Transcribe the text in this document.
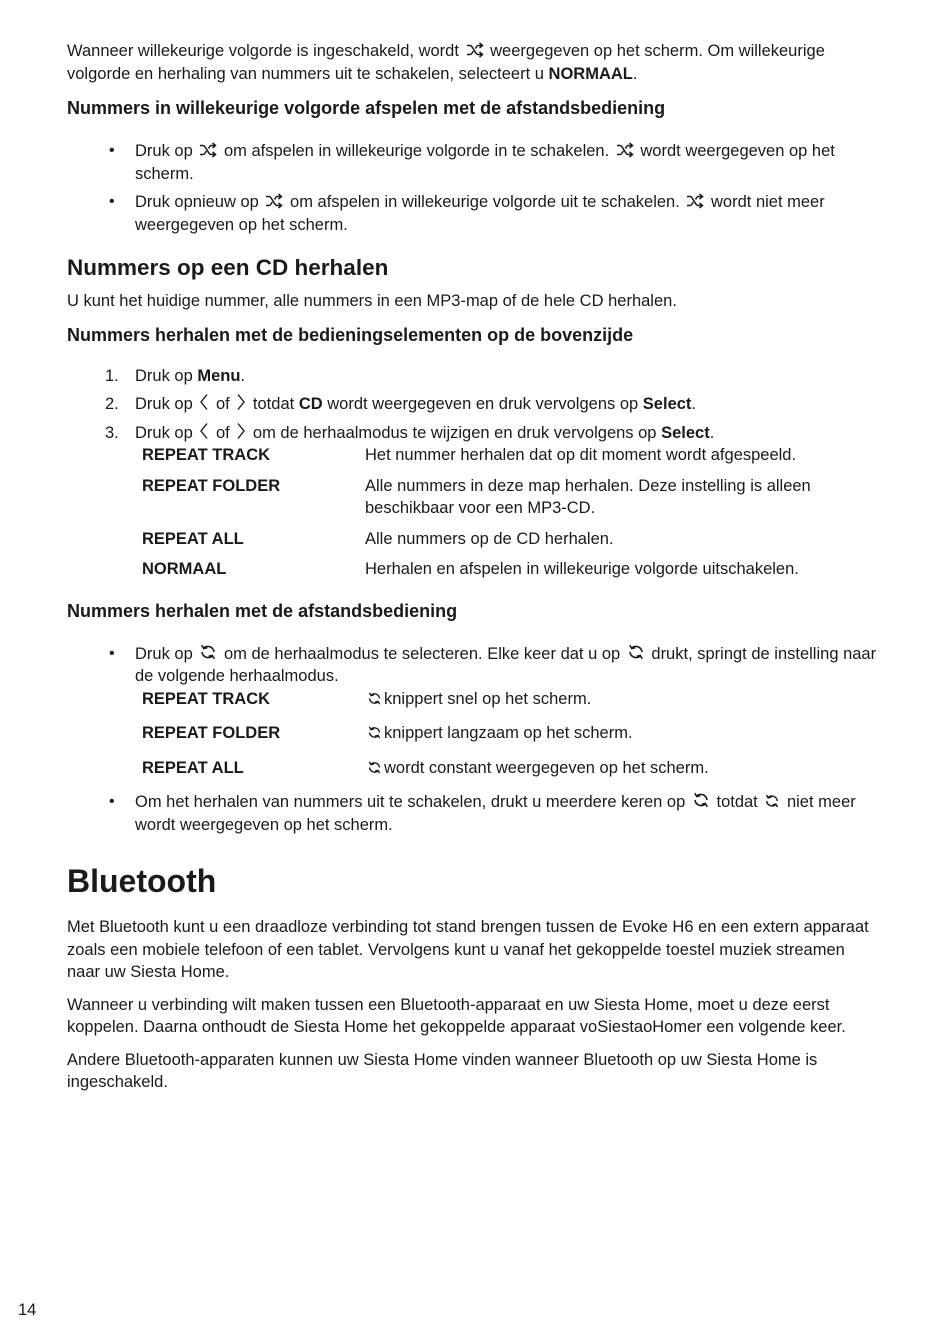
Wanneer willekeurige volgorde is ingeschakeld, wordt weergegeven op het scherm. Om willekeurige volgorde en herhaling van nummers uit te schakelen, selecteert u NORMAAL.

Nummers in willekeurige volgorde afspelen met de afstandsbediening
• Druk op om afspelen in willekeurige volgorde in te schakelen. wordt weergegeven op het scherm.
• Druk opnieuw op om afspelen in willekeurige volgorde uit te schakelen. wordt niet meer weergegeven op het scherm.
Nummers op een CD herhalen

U kunt het huidige nummer, alle nummers in een MP3-map of de hele CD herhalen.

Nummers herhalen met de bedieningselementen op de bovenzijde
1. Druk op Menu.
2. Druk op of totdat CD wordt weergegeven en druk vervolgens op Select.
3. Druk op of om de herhaalmodus te wijzigen en druk vervolgens op Select.
REPEAT TRACK	Het nummer herhalen dat op dit moment wordt afgespeeld.
REPEAT FOLDER	Alle nummers in deze map herhalen. Deze instelling is alleen beschikbaar voor een MP3-CD.
REPEAT ALL	Alle nummers op de CD herhalen.
NORMAAL	Herhalen en afspelen in willekeurige volgorde uitschakelen.
Nummers herhalen met de afstandsbediening
• Druk op om de herhaalmodus te selecteren. Elke keer dat u op drukt, springt de instelling naar de volgende herhaalmodus.
REPEAT TRACK	knippert snel op het scherm.
REPEAT FOLDER	knippert langzaam op het scherm.
REPEAT ALL	wordt constant weergegeven op het scherm.
• Om het herhalen van nummers uit te schakelen, drukt u meerdere keren op totdat niet meer wordt weergegeven op het scherm.
Bluetooth

Met Bluetooth kunt u een draadloze verbinding tot stand brengen tussen de Evoke H6 en een extern apparaat zoals een mobiele telefoon of een tablet. Vervolgens kunt u vanaf het gekoppelde toestel muziek streamen naar uw Siesta Home.

Wanneer u verbinding wilt maken tussen een Bluetooth-apparaat en uw Siesta Home, moet u deze eerst koppelen. Daarna onthoudt de Siesta Home het gekoppelde apparaat voSiestaoHomer een volgende keer.

Andere Bluetooth-apparaten kunnen uw Siesta Home vinden wanneer Bluetooth op uw Siesta Home is ingeschakeld.

14
